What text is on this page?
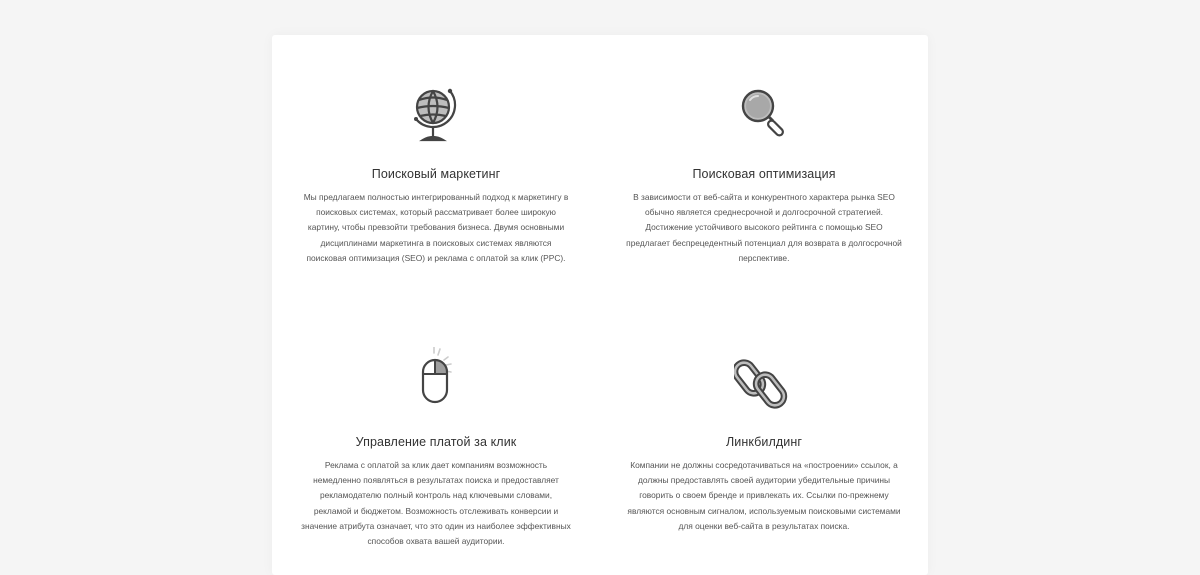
Поисковый маркетинг
Мы предлагаем полностью интегрированный подход к маркетингу в поисковых системах, который рассматривает более широкую картину, чтобы превзойти требования бизнеса. Двумя основными дисциплинами маркетинга в поисковых системах являются поисковая оптимизация (SEO) и реклама с оплатой за клик (PPC).
Поисковая оптимизация
В зависимости от веб-сайта и конкурентного характера рынка SEO обычно является среднесрочной и долгосрочной стратегией. Достижение устойчивого высокого рейтинга с помощью SEO предлагает беспрецедентный потенциал для возврата в долгосрочной перспективе.
Управление платой за клик
Реклама с оплатой за клик дает компаниям возможность немедленно появляться в результатах поиска и предоставляет рекламодателю полный контроль над ключевыми словами, рекламой и бюджетом. Возможность отслеживать конверсии и значение атрибута означает, что это один из наиболее эффективных способов охвата вашей аудитории.
Линкбилдинг
Компании не должны сосредотачиваться на «построении» ссылок, а должны предоставлять своей аудитории убедительные причины говорить о своем бренде и привлекать их. Ссылки по-прежнему являются основным сигналом, используемым поисковыми системами для оценки веб-сайта в результатах поиска.
